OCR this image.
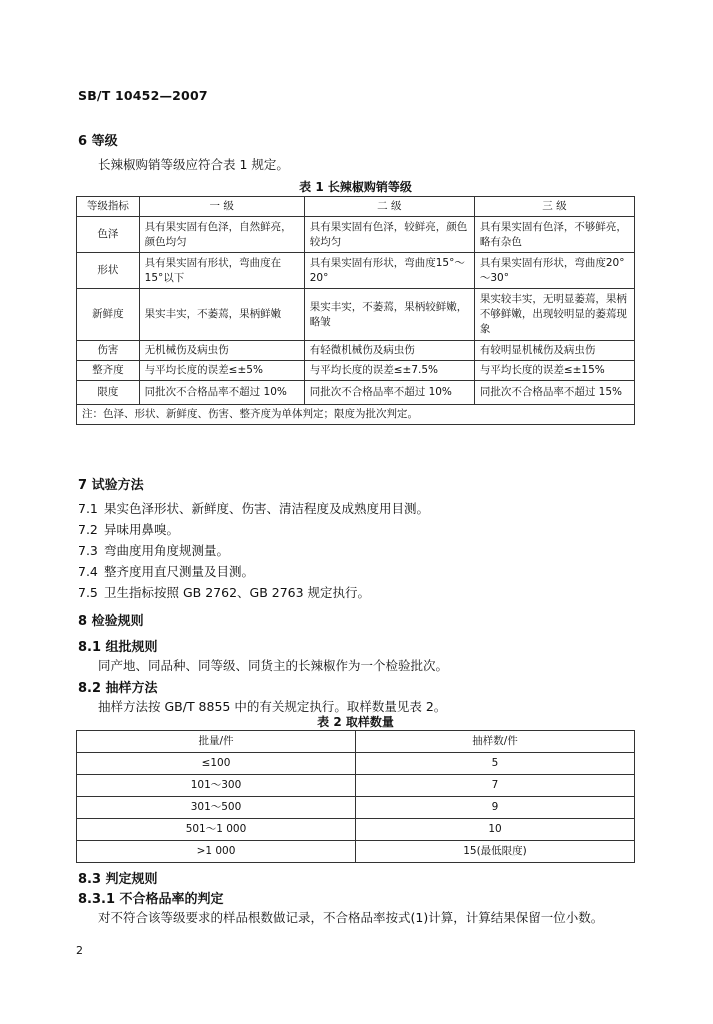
SB/T 10452—2007
6 等级
长辣椒购销等级应符合表 1 规定。
表 1 长辣椒购销等级
等级指标	一 级	二 级	三 级
色泽	具有果实固有色泽，自然鲜亮，颜色均匀	具有果实固有色泽，较鲜亮，颜色较均匀	具有果实固有色泽，不够鲜亮，略有杂色
形状	具有果实固有形状，弯曲度在15°以下	具有果实固有形状，弯曲度15°～20°	具有果实固有形状，弯曲度20°～30°
新鲜度	果实丰实，不萎蔫，果柄鲜嫩	果实丰实，不萎蔫，果柄较鲜嫩，略皱	果实较丰实，无明显萎蔫，果柄不够鲜嫩，出现较明显的萎蔫现象
伤害	无机械伤及病虫伤	有轻微机械伤及病虫伤	有较明显机械伤及病虫伤
整齐度	与平均长度的误差≤±5%	与平均长度的误差≤±7.5%	与平均长度的误差≤±15%
限度	同批次不合格品率不超过 10%	同批次不合格品率不超过 10%	同批次不合格品率不超过 15%
注：色泽、形状、新鲜度、伤害、整齐度为单体判定；限度为批次判定。			
7 试验方法
7.1 果实色泽形状、新鲜度、伤害、清洁程度及成熟度用目测。
7.2 异味用鼻嗅。
7.3 弯曲度用角度规测量。
7.4 整齐度用直尺测量及目测。
7.5 卫生指标按照 GB 2762、GB 2763 规定执行。
8 检验规则
8.1 组批规则
同产地、同品种、同等级、同货主的长辣椒作为一个检验批次。
8.2 抽样方法
抽样方法按 GB/T 8855 中的有关规定执行。取样数量见表 2。
表 2 取样数量
批量/件	抽样数/件
≤100	5
101～300	7
301～500	9
501～1 000	10
>1 000	15(最低限度)
8.3 判定规则
8.3.1 不合格品率的判定
对不符合该等级要求的样品根数做记录，不合格品率按式(1)计算，计算结果保留一位小数。
2
